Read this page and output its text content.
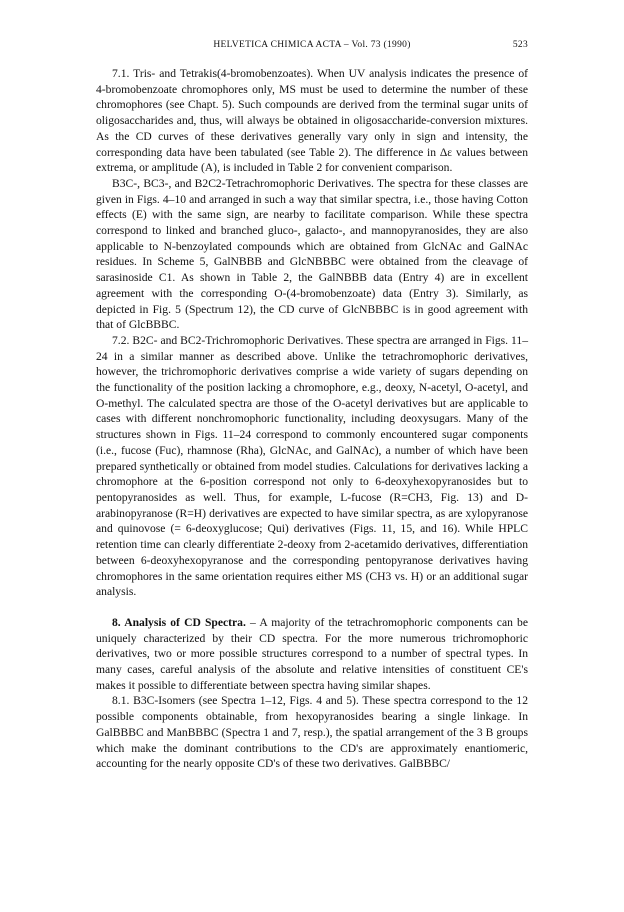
HELVETICA CHIMICA ACTA – Vol. 73 (1990)	523

7.1. Tris- and Tetrakis(4-bromobenzoates). When UV analysis indicates the presence of 4-bromobenzoate chromophores only, MS must be used to determine the number of these chromophores (see Chapt. 5). Such compounds are derived from the terminal sugar units of oligosaccharides and, thus, will always be obtained in oligosaccharide-conversion mixtures. As the CD curves of these derivatives generally vary only in sign and intensity, the corresponding data have been tabulated (see Table 2). The difference in Δε values between extrema, or amplitude (A), is included in Table 2 for convenient comparison.

B3C-, BC3-, and B2C2-Tetrachromophoric Derivatives. The spectra for these classes are given in Figs. 4–10 and arranged in such a way that similar spectra, i.e., those having Cotton effects (E) with the same sign, are nearby to facilitate comparison. While these spectra correspond to linked and branched gluco-, galacto-, and mannopyranosides, they are also applicable to N-benzoylated compounds which are obtained from GlcNAc and GalNAc residues. In Scheme 5, GalNBBB and GlcNBBBC were obtained from the cleavage of sarasinoside C1. As shown in Table 2, the GalNBBB data (Entry 4) are in excellent agreement with the corresponding O-(4-bromobenzoate) data (Entry 3). Similarly, as depicted in Fig. 5 (Spectrum 12), the CD curve of GlcNBBBC is in good agreement with that of GlcBBBC.

7.2. B2C- and BC2-Trichromophoric Derivatives. These spectra are arranged in Figs. 11–24 in a similar manner as described above. Unlike the tetrachromophoric derivatives, however, the trichromophoric derivatives comprise a wide variety of sugars depending on the functionality of the position lacking a chromophore, e.g., deoxy, N-acetyl, O-acetyl, and O-methyl. The calculated spectra are those of the O-acetyl derivatives but are applicable to cases with different nonchromophoric functionality, including deoxysugars. Many of the structures shown in Figs. 11–24 correspond to commonly encountered sugar components (i.e., fucose (Fuc), rhamnose (Rha), GlcNAc, and GalNAc), a number of which have been prepared synthetically or obtained from model studies. Calculations for derivatives lacking a chromophore at the 6-position correspond not only to 6-deoxyhexopyranosides but to pentopyranosides as well. Thus, for example, L-fucose (R=CH3, Fig. 13) and D-arabinopyranose (R=H) derivatives are expected to have similar spectra, as are xylopyranose and quinovose (= 6-deoxyglucose; Qui) derivatives (Figs. 11, 15, and 16). While HPLC retention time can clearly differentiate 2-deoxy from 2-acetamido derivatives, differentiation between 6-deoxyhexopyranose and the corresponding pentopyranose derivatives having chromophores in the same orientation requires either MS (CH3 vs. H) or an additional sugar analysis.

8. Analysis of CD Spectra. – A majority of the tetrachromophoric components can be uniquely characterized by their CD spectra. For the more numerous trichromophoric derivatives, two or more possible structures correspond to a number of spectral types. In many cases, careful analysis of the absolute and relative intensities of constituent CE's makes it possible to differentiate between spectra having similar shapes.

8.1. B3C-Isomers (see Spectra 1–12, Figs. 4 and 5). These spectra correspond to the 12 possible components obtainable, from hexopyranosides bearing a single linkage. In GalBBBC and ManBBBC (Spectra 1 and 7, resp.), the spatial arrangement of the 3 B groups which make the dominant contributions to the CD's are approximately enantiomeric, accounting for the nearly opposite CD's of these two derivatives. GalBBBC/
